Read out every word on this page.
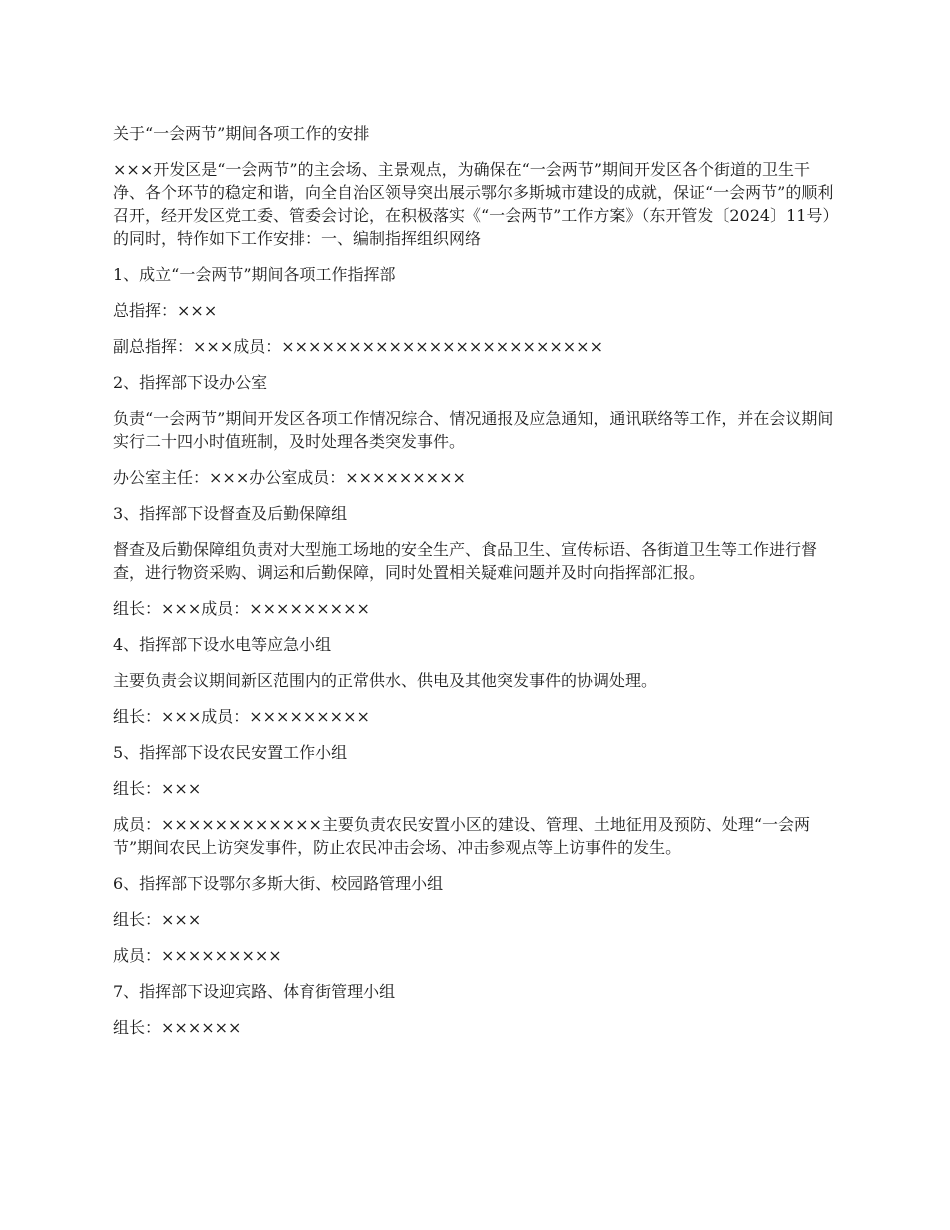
关于“一会两节”期间各项工作的安排

×××开发区是“一会两节”的主会场、主景观点，为确保在“一会两节”期间开发区各个街道的卫生干净、各个环节的稳定和谐，向全自治区领导突出展示鄂尔多斯城市建设的成就，保证“一会两节”的顺利召开，经开发区党工委、管委会讨论，在积极落实《“一会两节”工作方案》（东开管发〔2024〕11号）的同时，特作如下工作安排：一、编制指挥组织网络

1、成立“一会两节”期间各项工作指挥部

总指挥：×××

副总指挥：×××成员：××××××××××××××××××××××××

2、指挥部下设办公室

负责“一会两节”期间开发区各项工作情况综合、情况通报及应急通知，通讯联络等工作，并在会议期间实行二十四小时值班制，及时处理各类突发事件。

办公室主任：×××办公室成员：×××××××××

3、指挥部下设督查及后勤保障组

督查及后勤保障组负责对大型施工场地的安全生产、食品卫生、宣传标语、各街道卫生等工作进行督查，进行物资采购、调运和后勤保障，同时处置相关疑难问题并及时向指挥部汇报。

组长：×××成员：×××××××××

4、指挥部下设水电等应急小组

主要负责会议期间新区范围内的正常供水、供电及其他突发事件的协调处理。

组长：×××成员：×××××××××

5、指挥部下设农民安置工作小组

组长：×××

成员：××××××××××××主要负责农民安置小区的建设、管理、土地征用及预防、处理“一会两节”期间农民上访突发事件，防止农民冲击会场、冲击参观点等上访事件的发生。

6、指挥部下设鄂尔多斯大街、校园路管理小组

组长：×××

成员：×××××××××

7、指挥部下设迎宾路、体育街管理小组

组长：××××××
